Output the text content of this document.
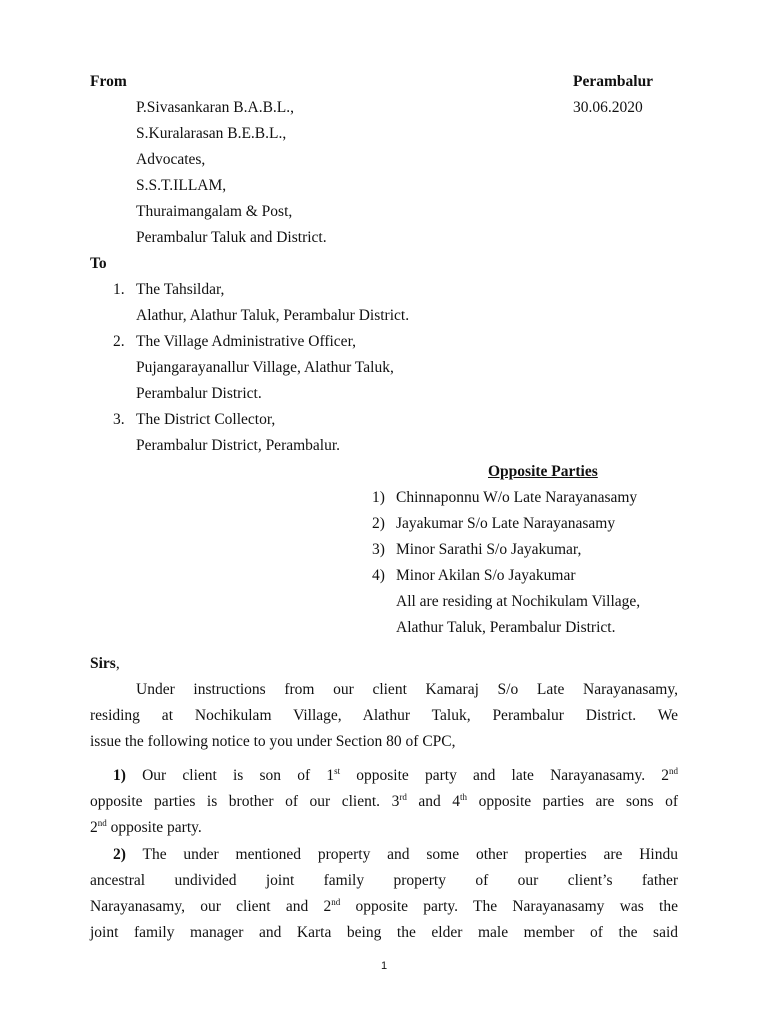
From	Perambalur
30.06.2020
P.Sivasankaran B.A.B.L.,
S.Kuralarasan B.E.B.L.,
Advocates,
S.S.T.ILLAM,
Thuraimangalam & Post,
Perambalur Taluk and District.
To
1. The Tahsildar,
Alathur, Alathur Taluk, Perambalur District.
2. The Village Administrative Officer,
Pujangarayanallur Village, Alathur Taluk,
Perambalur District.
3. The District Collector,
Perambalur District, Perambalur.
Opposite Parties
1) Chinnaponnu W/o Late Narayanasamy
2) Jayakumar S/o Late Narayanasamy
3) Minor Sarathi S/o Jayakumar,
4) Minor Akilan S/o Jayakumar
All are residing at Nochikulam Village,
Alathur Taluk, Perambalur District.
Sirs,
Under instructions from our client Kamaraj S/o Late Narayanasamy,
residing at Nochikulam Village, Alathur Taluk, Perambalur District. We
issue the following notice to you under Section 80 of CPC,
1) Our client is son of 1st opposite party and late Narayanasamy. 2nd
opposite parties is brother of our client. 3rd and 4th opposite parties are sons of
2nd opposite party.
2) The under mentioned property and some other properties are Hindu
ancestral undivided joint family property of our client’s father
Narayanasamy, our client and 2nd opposite party. The Narayanasamy was the
joint family manager and Karta being the elder male member of the said
1
